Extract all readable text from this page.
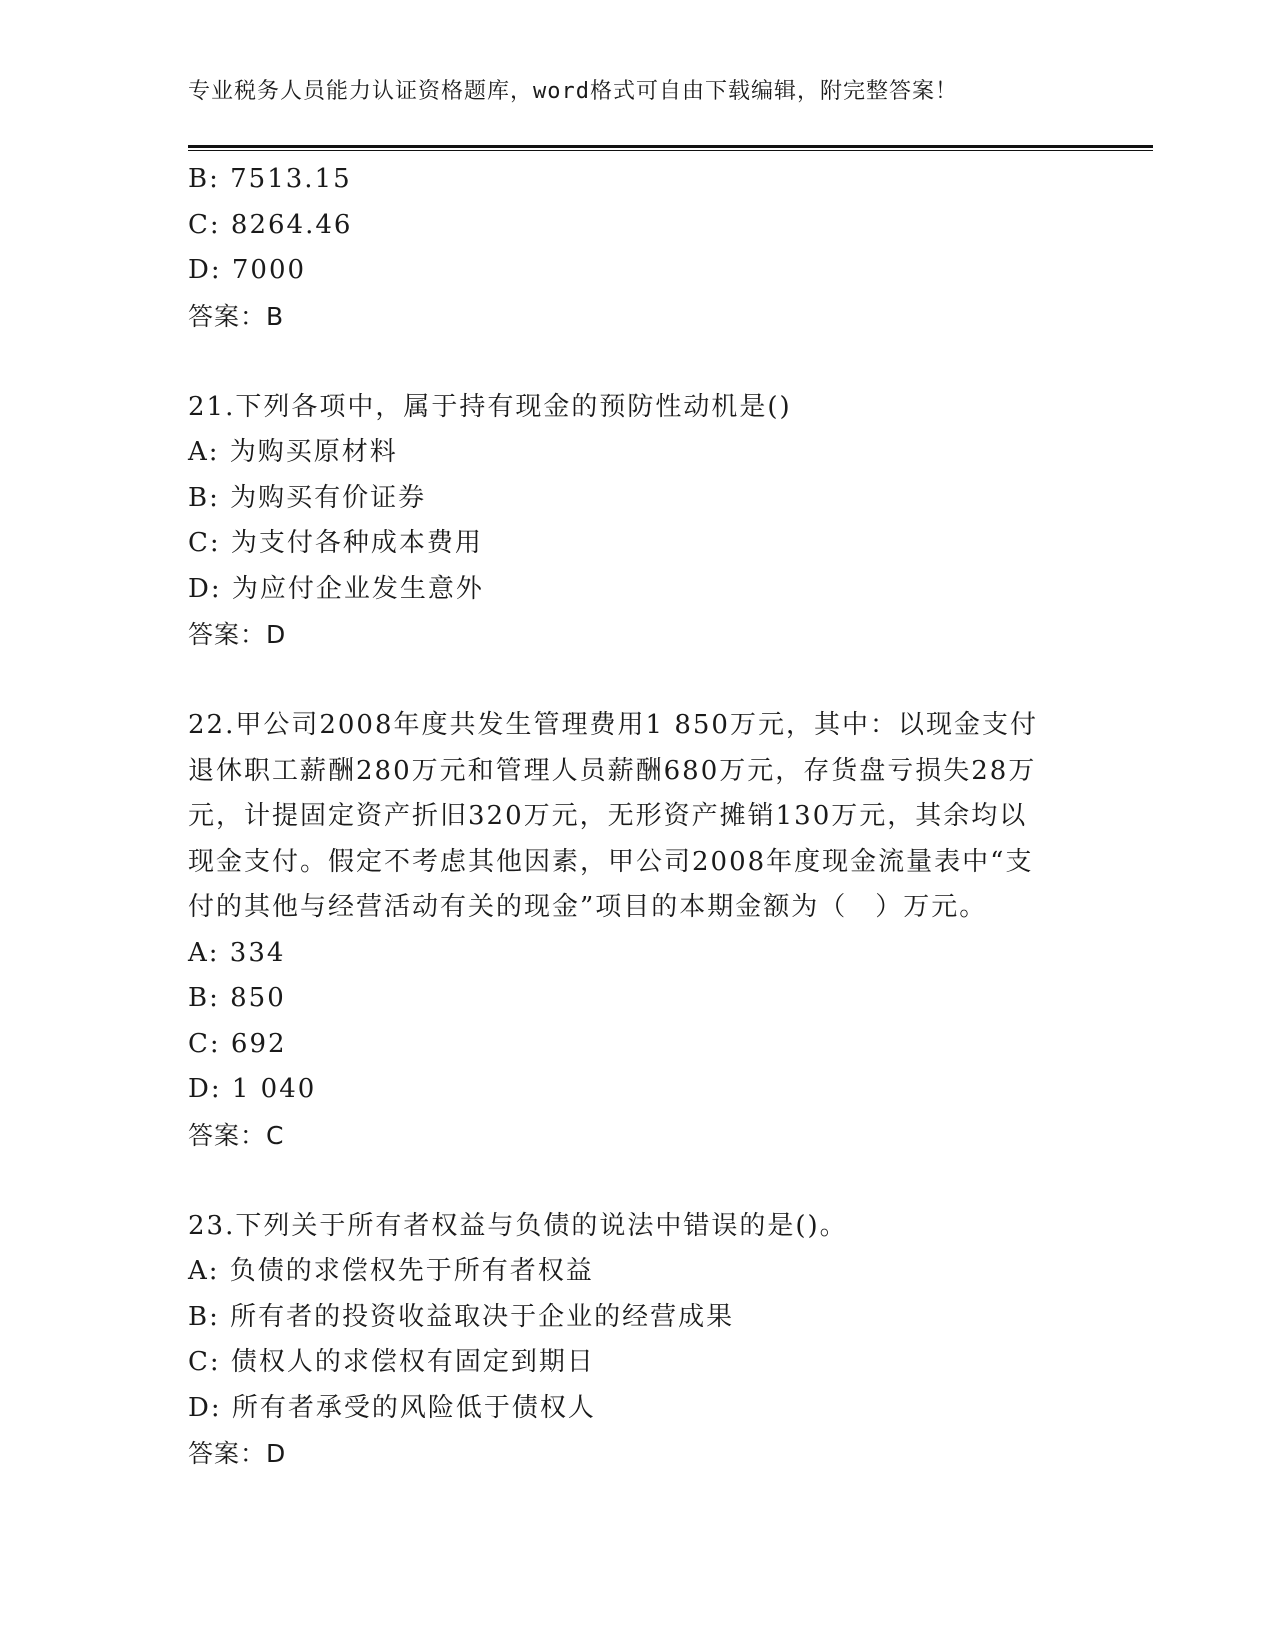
专业税务人员能力认证资格题库，word格式可自由下载编辑，附完整答案！
B: 7513.15
C: 8264.46
D: 7000
答案：B
21.下列各项中，属于持有现金的预防性动机是()
A: 为购买原材料
B: 为购买有价证券
C: 为支付各种成本费用
D: 为应付企业发生意外
答案：D
22.甲公司2008年度共发生管理费用1 850万元，其中：以现金支付
退休职工薪酬280万元和管理人员薪酬680万元，存货盘亏损失28万
元，计提固定资产折旧320万元，无形资产摊销130万元，其余均以
现金支付。假定不考虑其他因素，甲公司2008年度现金流量表中“支
付的其他与经营活动有关的现金”项目的本期金额为（　）万元。
A: 334
B: 850
C: 692
D: 1 040
答案：C
23.下列关于所有者权益与负债的说法中错误的是()。
A: 负债的求偿权先于所有者权益
B: 所有者的投资收益取决于企业的经营成果
C: 债权人的求偿权有固定到期日
D: 所有者承受的风险低于债权人
答案：D
